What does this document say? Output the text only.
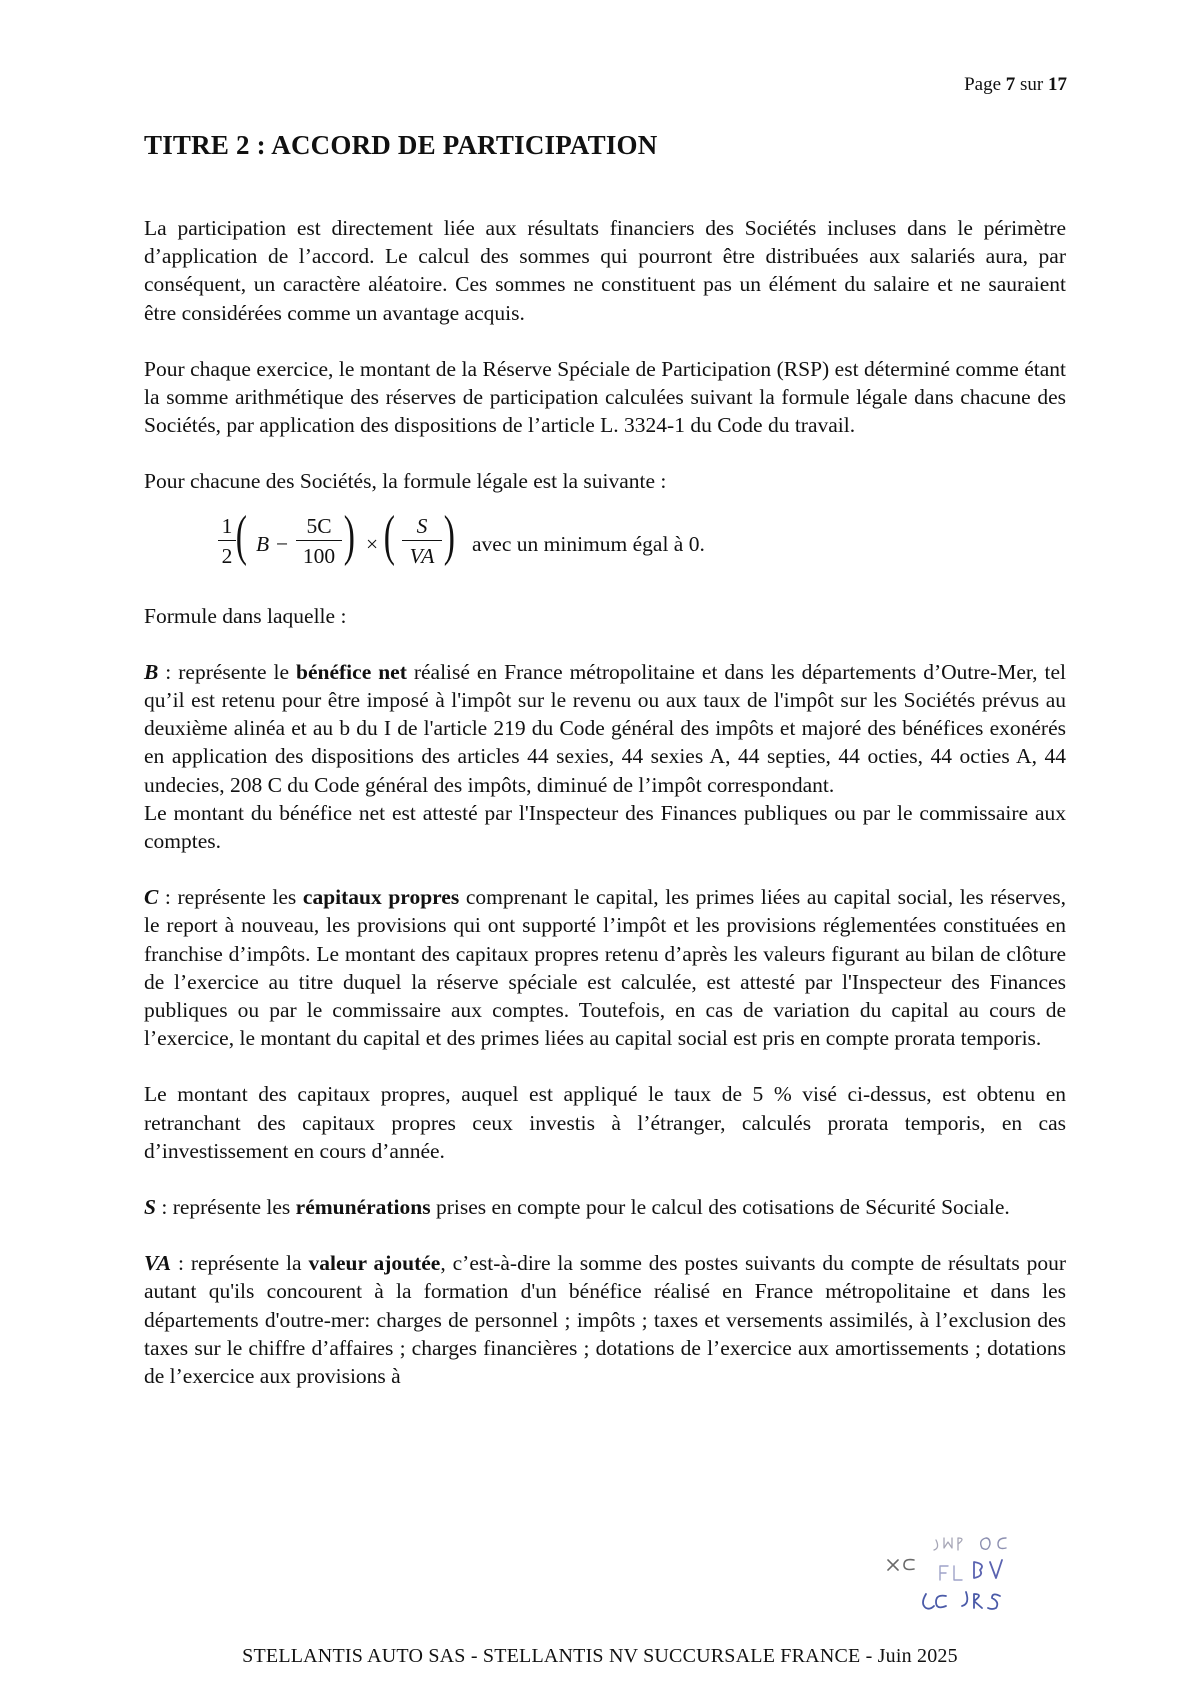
Page 7 sur 17
TITRE 2 : ACCORD DE PARTICIPATION

La participation est directement liée aux résultats financiers des Sociétés incluses dans le périmètre d’application de l’accord. Le calcul des sommes qui pourront être distribuées aux salariés aura, par conséquent, un caractère aléatoire. Ces sommes ne constituent pas un élément du salaire et ne sauraient être considérées comme un avantage acquis.

Pour chaque exercice, le montant de la Réserve Spéciale de Participation (RSP) est déterminé comme étant la somme arithmétique des réserves de participation calculées suivant la formule légale dans chacune des Sociétés, par application des dispositions de l’article L. 3324-1 du Code du travail.

Pour chacune des Sociétés, la formule légale est la suivante :

$\frac{1}{2}$ ( $B - \frac{5C}{100}$ ) × ( $\frac{S}{VA}$ ) avec un minimum égal à 0.

Formule dans laquelle :

B : représente le bénéfice net réalisé en France métropolitaine et dans les départements d’Outre-Mer, tel qu’il est retenu pour être imposé à l'impôt sur le revenu ou aux taux de l'impôt sur les Sociétés prévus au deuxième alinéa et au b du I de l'article 219 du Code général des impôts et majoré des bénéfices exonérés en application des dispositions des articles 44 sexies, 44 sexies A, 44 septies, 44 octies, 44 octies A, 44 undecies, 208 C du Code général des impôts, diminué de l’impôt correspondant.

Le montant du bénéfice net est attesté par l'Inspecteur des Finances publiques ou par le commissaire aux comptes.

C : représente les capitaux propres comprenant le capital, les primes liées au capital social, les réserves, le report à nouveau, les provisions qui ont supporté l’impôt et les provisions réglementées constituées en franchise d’impôts. Le montant des capitaux propres retenu d’après les valeurs figurant au bilan de clôture de l’exercice au titre duquel la réserve spéciale est calculée, est attesté par l'Inspecteur des Finances publiques ou par le commissaire aux comptes. Toutefois, en cas de variation du capital au cours de l’exercice, le montant du capital et des primes liées au capital social est pris en compte prorata temporis.

Le montant des capitaux propres, auquel est appliqué le taux de 5 % visé ci-dessus, est obtenu en retranchant des capitaux propres ceux investis à l’étranger, calculés prorata temporis, en cas d’investissement en cours d’année.

S : représente les rémunérations prises en compte pour le calcul des cotisations de Sécurité Sociale.

VA : représente la valeur ajoutée, c’est-à-dire la somme des postes suivants du compte de résultats pour autant qu'ils concourent à la formation d'un bénéfice réalisé en France métropolitaine et dans les départements d'outre-mer: charges de personnel ; impôts ; taxes et versements assimilés, à l’exclusion des taxes sur le chiffre d’affaires ; charges financières ; dotations de l’exercice aux amortissements ; dotations de l’exercice aux provisions à

STELLANTIS AUTO SAS - STELLANTIS NV SUCCURSALE FRANCE - Juin 2025
